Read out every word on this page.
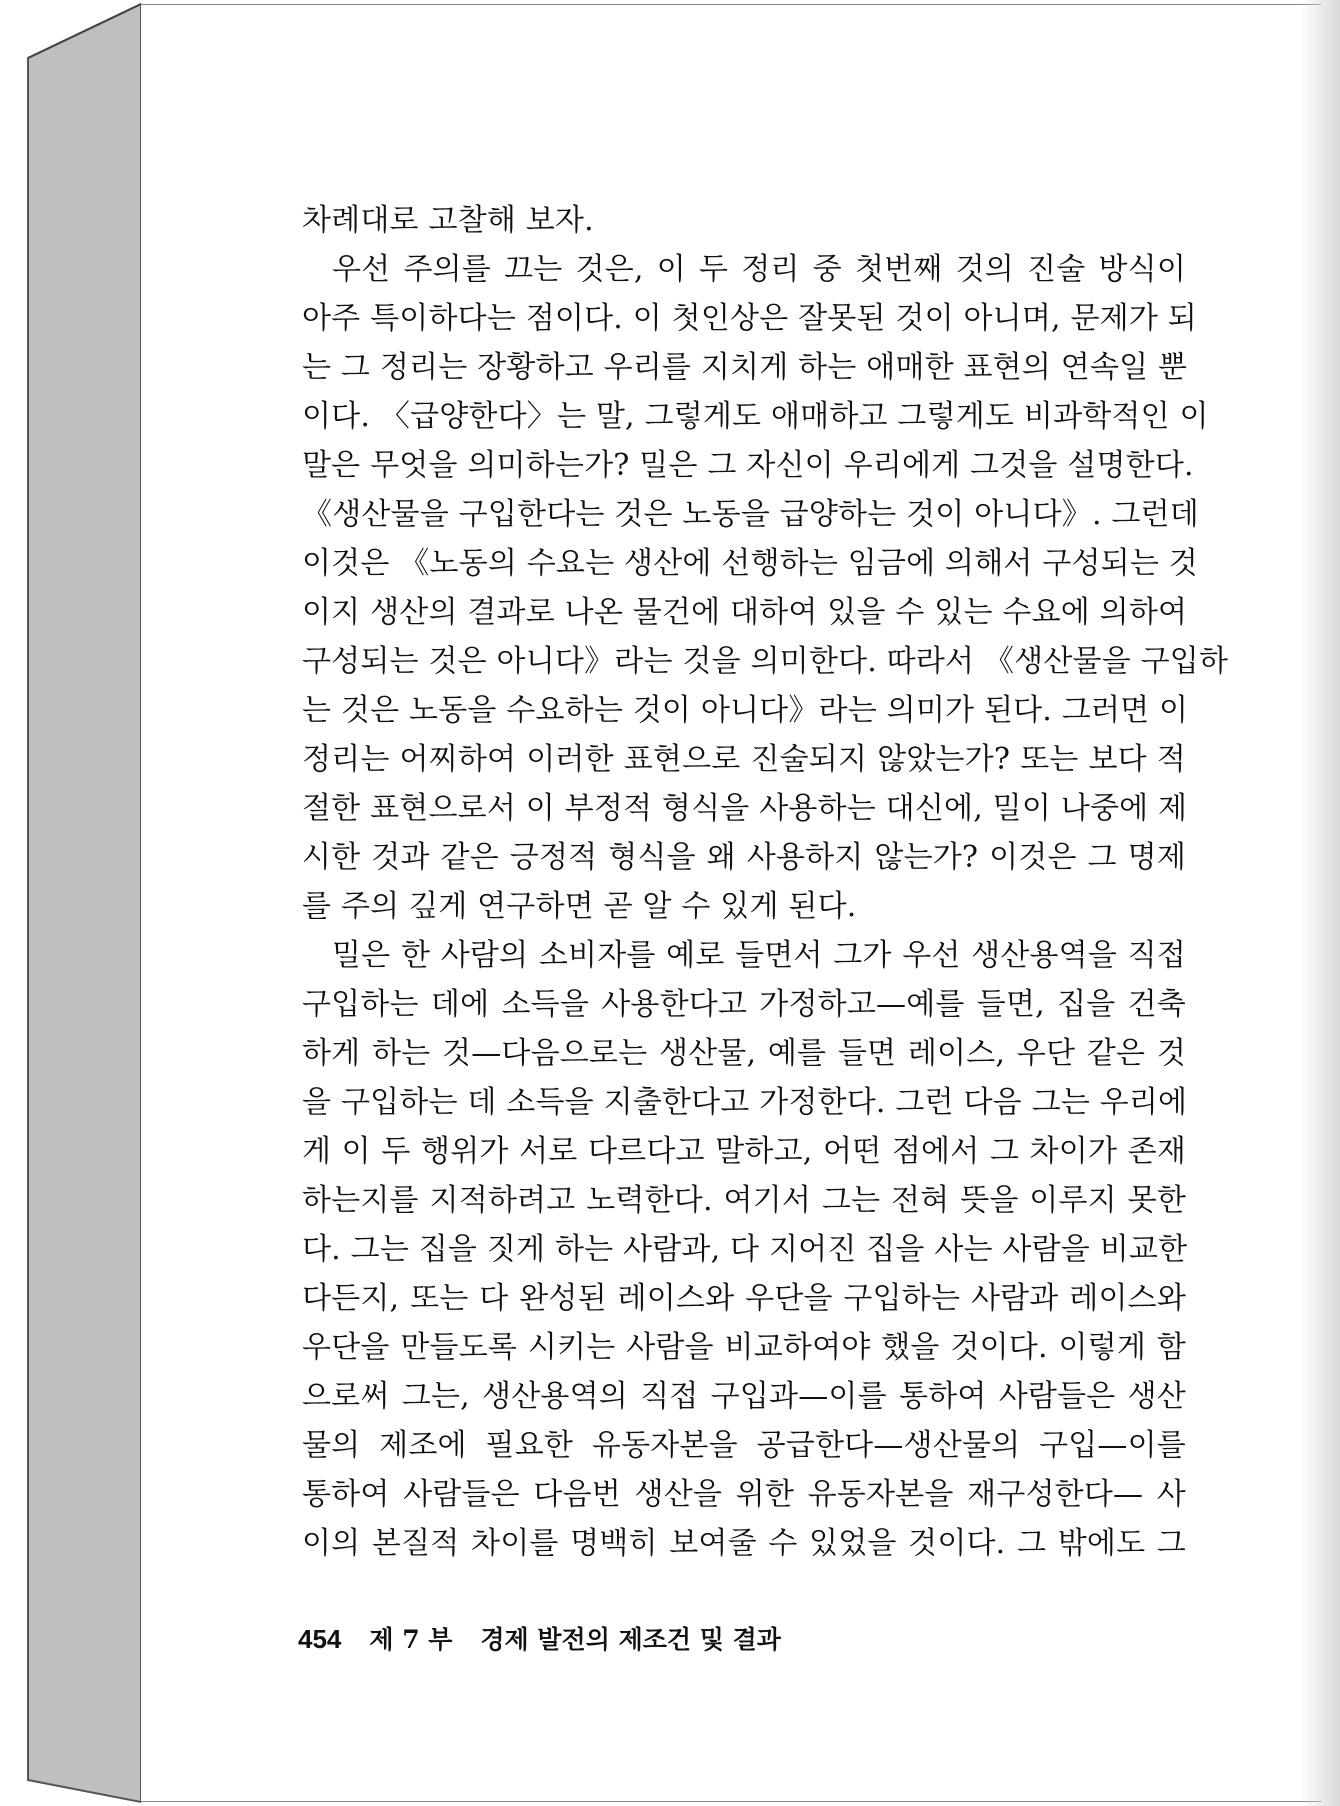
차례대로 고찰해 보자.
우선 주의를 끄는 것은, 이 두 정리 중 첫번째 것의 진술 방식이
아주 특이하다는 점이다. 이 첫인상은 잘못된 것이 아니며, 문제가 되
는 그 정리는 장황하고 우리를 지치게 하는 애매한 표현의 연속일 뿐
이다. 〈급양한다〉는 말, 그렇게도 애매하고 그렇게도 비과학적인 이
말은 무엇을 의미하는가? 밀은 그 자신이 우리에게 그것을 설명한다.
《생산물을 구입한다는 것은 노동을 급양하는 것이 아니다》. 그런데
이것은 《노동의 수요는 생산에 선행하는 임금에 의해서 구성되는 것
이지 생산의 결과로 나온 물건에 대하여 있을 수 있는 수요에 의하여
구성되는 것은 아니다》라는 것을 의미한다. 따라서 《생산물을 구입하
는 것은 노동을 수요하는 것이 아니다》라는 의미가 된다. 그러면 이
정리는 어찌하여 이러한 표현으로 진술되지 않았는가? 또는 보다 적
절한 표현으로서 이 부정적 형식을 사용하는 대신에, 밀이 나중에 제
시한 것과 같은 긍정적 형식을 왜 사용하지 않는가? 이것은 그 명제
를 주의 깊게 연구하면 곧 알 수 있게 된다.
밀은 한 사람의 소비자를 예로 들면서 그가 우선 생산용역을 직접
구입하는 데에 소득을 사용한다고 가정하고—예를 들면, 집을 건축
하게 하는 것—다음으로는 생산물, 예를 들면 레이스, 우단 같은 것
을 구입하는 데 소득을 지출한다고 가정한다. 그런 다음 그는 우리에
게 이 두 행위가 서로 다르다고 말하고, 어떤 점에서 그 차이가 존재
하는지를 지적하려고 노력한다. 여기서 그는 전혀 뜻을 이루지 못한
다. 그는 집을 짓게 하는 사람과, 다 지어진 집을 사는 사람을 비교한
다든지, 또는 다 완성된 레이스와 우단을 구입하는 사람과 레이스와
우단을 만들도록 시키는 사람을 비교하여야 했을 것이다. 이렇게 함
으로써 그는, 생산용역의 직접 구입과—이를 통하여 사람들은 생산
물의 제조에 필요한 유동자본을 공급한다—생산물의 구입—이를
통하여 사람들은 다음번 생산을 위한 유동자본을 재구성한다— 사
이의 본질적 차이를 명백히 보여줄 수 있었을 것이다. 그 밖에도 그
454 제 7 부 경제 발전의 제조건 및 결과
